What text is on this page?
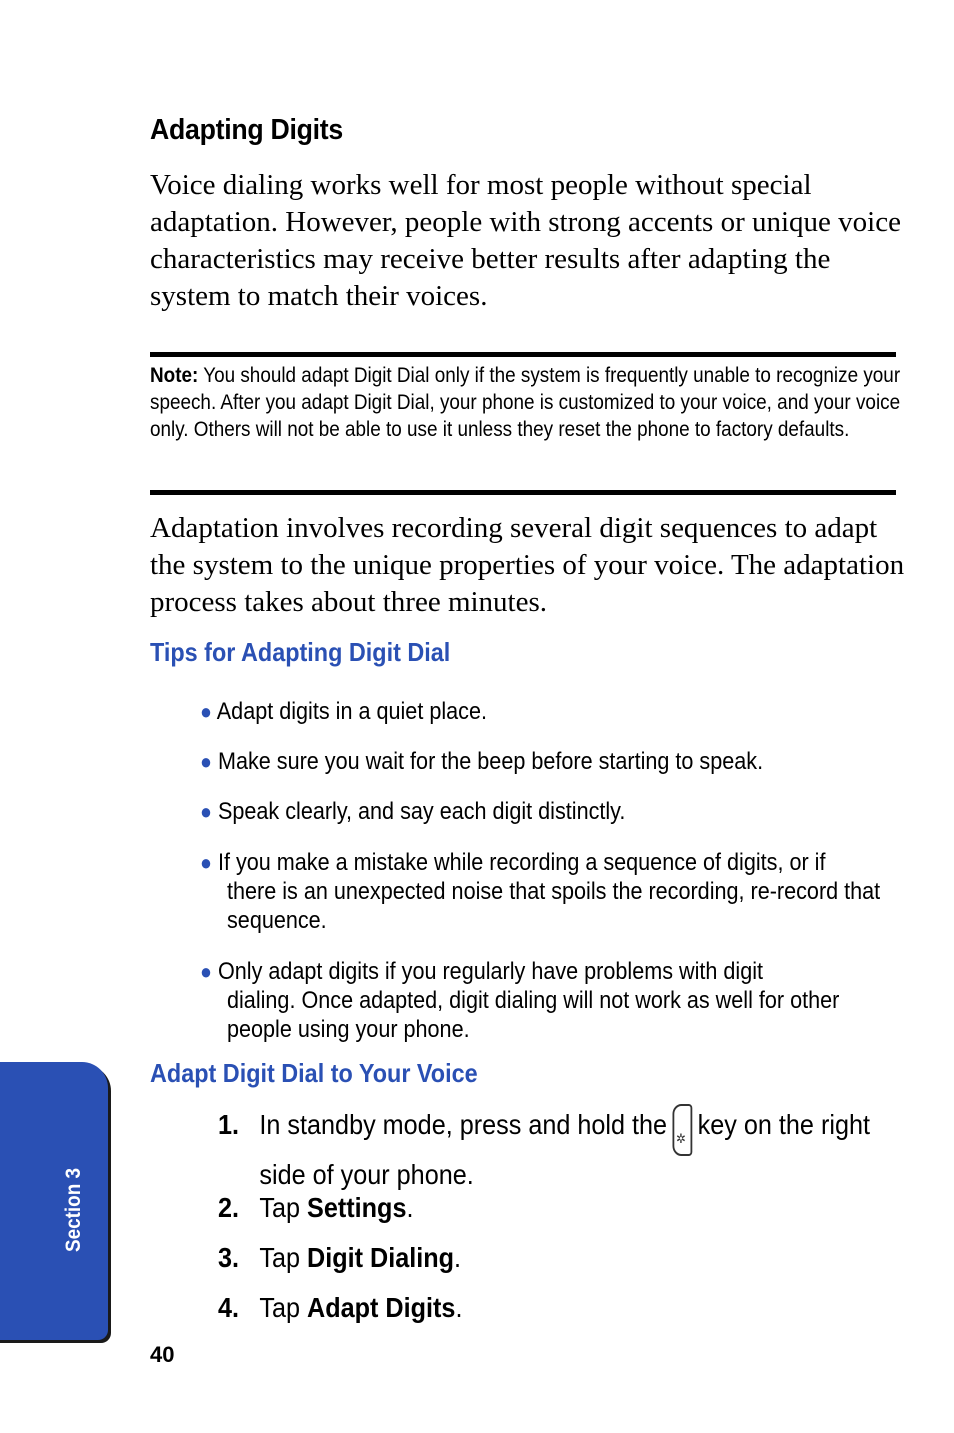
Adapting Digits
Voice dialing works well for most people without special adaptation. However, people with strong accents or unique voice characteristics may receive better results after adapting the system to match their voices.
Note: You should adapt Digit Dial only if the system is frequently unable to recognize your speech. After you adapt Digit Dial, your phone is customized to your voice, and your voice only. Others will not be able to use it unless they reset the phone to factory defaults.
Adaptation involves recording several digit sequences to adapt the system to the unique properties of your voice. The adaptation process takes about three minutes.
Tips for Adapting Digit Dial
● Adapt digits in a quiet place.
● Make sure you wait for the beep before starting to speak.
● Speak clearly, and say each digit distinctly.
● If you make a mistake while recording a sequence of digits, or if
there is an unexpected noise that spoils the recording, re-record that sequence.
● Only adapt digits if you regularly have problems with digit
dialing. Once adapted, digit dialing will not work as well for other people using your phone.
Adapt Digit Dial to Your Voice
1. In standby mode, press and hold the✲ key on the right
side of your phone.
2. Tap Settings.
3. Tap Digit Dialing.
4. Tap Adapt Digits.
Section 3
40
